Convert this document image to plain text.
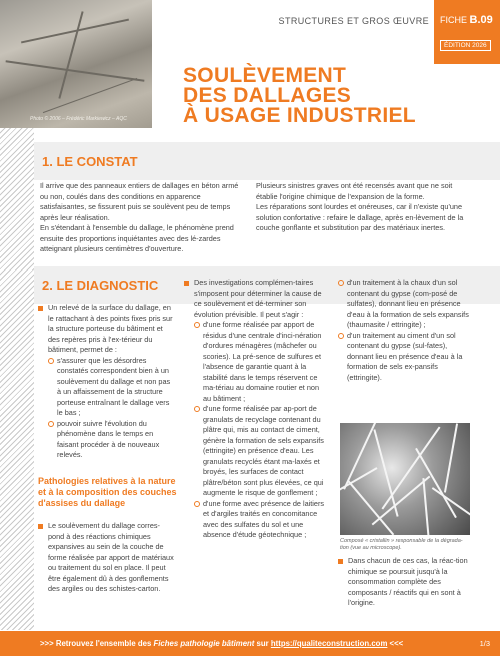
Photo © 2006 – Frédéric Markiewicz – AQC
STRUCTURES ET GROS ŒUVRE FICHE B.09
ÉDITION 2026
SOULÈVEMENT
DES DALLAGES
À USAGE INDUSTRIEL
1. LE CONSTAT

Il arrive que des panneaux entiers de dallages en béton armé ou non, coulés dans des conditions en apparence satisfaisantes, se fissurent puis se soulèvent peu de temps après leur réalisation.

En s'étendant à l'ensemble du dallage, le phénomène prend ensuite des proportions inquiétantes avec des lé-zardes atteignant plusieurs centimètres d'ouverture.

Plusieurs sinistres graves ont été recensés avant que ne soit établie l'origine chimique de l'expansion de la forme.

Les réparations sont lourdes et onéreuses, car il n'existe qu'une solution confortative : refaire le dallage, après en-lèvement de la couche gonflante et substitution par des matériaux inertes.

2. LE DIAGNOSTIC
Un relevé de la surface du dallage, en le rattachant à des points fixes pris sur la structure porteuse du bâtiment et des repères pris à l'ex-térieur du bâtiment, permet de :
s'assurer que les désordres constatés correspondent bien à un soulèvement du dallage et non pas à un affaissement de la structure porteuse entraînant le dallage vers le bas ;
pouvoir suivre l'évolution du phénomène dans le temps en faisant procéder à de nouveaux relevés.
Pathologies relatives à la nature et à la composition des couches d'assises du dallage
Le soulèvement du dallage corres-pond à des réactions chimiques expansives au sein de la couche de forme réalisée par apport de matériaux ou traitement du sol en place. Il peut être également dû à des gonflements des argiles ou des schistes-carton.
Des investigations complémen-taires s'imposent pour déterminer la cause de ce soulèvement et dé-terminer son évolution prévisible. Il peut s'agir :
d'une forme réalisée par apport de résidus d'une centrale d'inci-nération d'ordures ménagères (mâchefer ou scories). La pré-sence de sulfures et l'absence de garantie quant à la stabilité dans le temps réservent ce ma-tériau au domaine routier et non au bâtiment ;
d'une forme réalisée par ap-port de granulats de recyclage contenant du plâtre qui, mis au contact de ciment, génère la formation de sels expansifs (ettringite) en présence d'eau. Les granulats recyclés étant ma-laxés et broyés, les surfaces de contact plâtre/béton sont plus élevées, ce qui augmente le risque de gonflement ;
d'une forme avec présence de laitiers et d'argiles traités en concomitance avec des sulfates du sol et une absence d'étude géotechnique ;
d'un traitement à la chaux d'un sol contenant du gypse (com-posé de sulfates), donnant lieu en présence d'eau à la formation de sels expansifs (thaumasite / ettringite) ;
d'un traitement au ciment d'un sol contenant du gypse (sul-fates), donnant lieu en présence d'eau à la formation de sels ex-pansifs (ettringite).
Composé « cristallin » responsable de la dégrada-tion (vue au microscope).
Dans chacun de ces cas, la réac-tion chimique se poursuit jusqu'à la consommation complète des composants / réactifs qui en sont à l'origine.
>>> Retrouvez l'ensemble des Fiches pathologie bâtiment sur https://qualiteconstruction.com <<<	1/3
